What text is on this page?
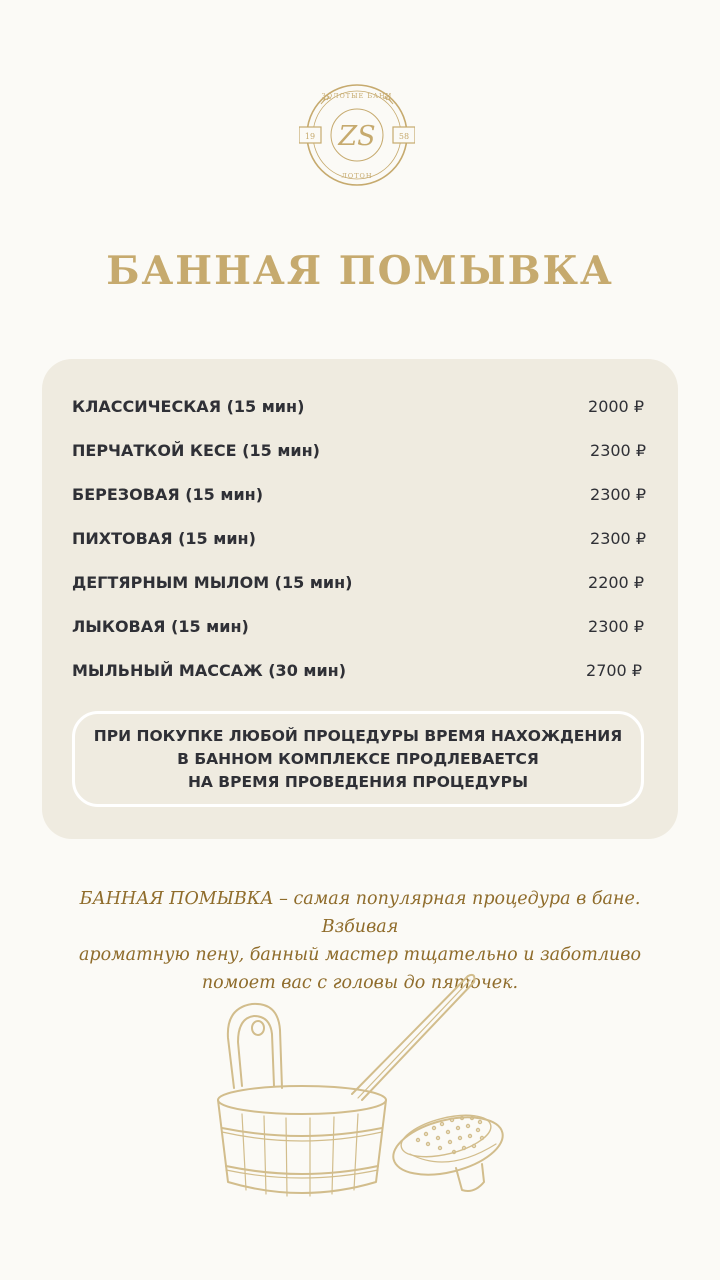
19	58
ЗОЛОТЫЕ БАНИ
ЛОТОН
ZS
БАННАЯ ПОМЫВКА
КЛАССИЧЕСКАЯ (15 мин)	2000 ₽
ПЕРЧАТКОЙ КЕСЕ (15 мин)	2300 ₽
БЕРЕЗОВАЯ (15 мин)	2300 ₽
ПИХТОВАЯ (15 мин)	2300 ₽
ДЕГТЯРНЫМ МЫЛОМ (15 мин)	2200 ₽
ЛЫКОВАЯ (15 мин)	2300 ₽
МЫЛЬНЫЙ МАССАЖ (30 мин)	2700 ₽
ПРИ ПОКУПКЕ ЛЮБОЙ ПРОЦЕДУРЫ ВРЕМЯ НАХОЖДЕНИЯ
В БАННОМ КОМПЛЕКСЕ ПРОДЛЕВАЕТСЯ
НА ВРЕМЯ ПРОВЕДЕНИЯ ПРОЦЕДУРЫ
БАННАЯ ПОМЫВКА – самая популярная процедура в бане. Взбивая
ароматную пену, банный мастер тщательно и заботливо
помоет вас с головы до пяточек.
